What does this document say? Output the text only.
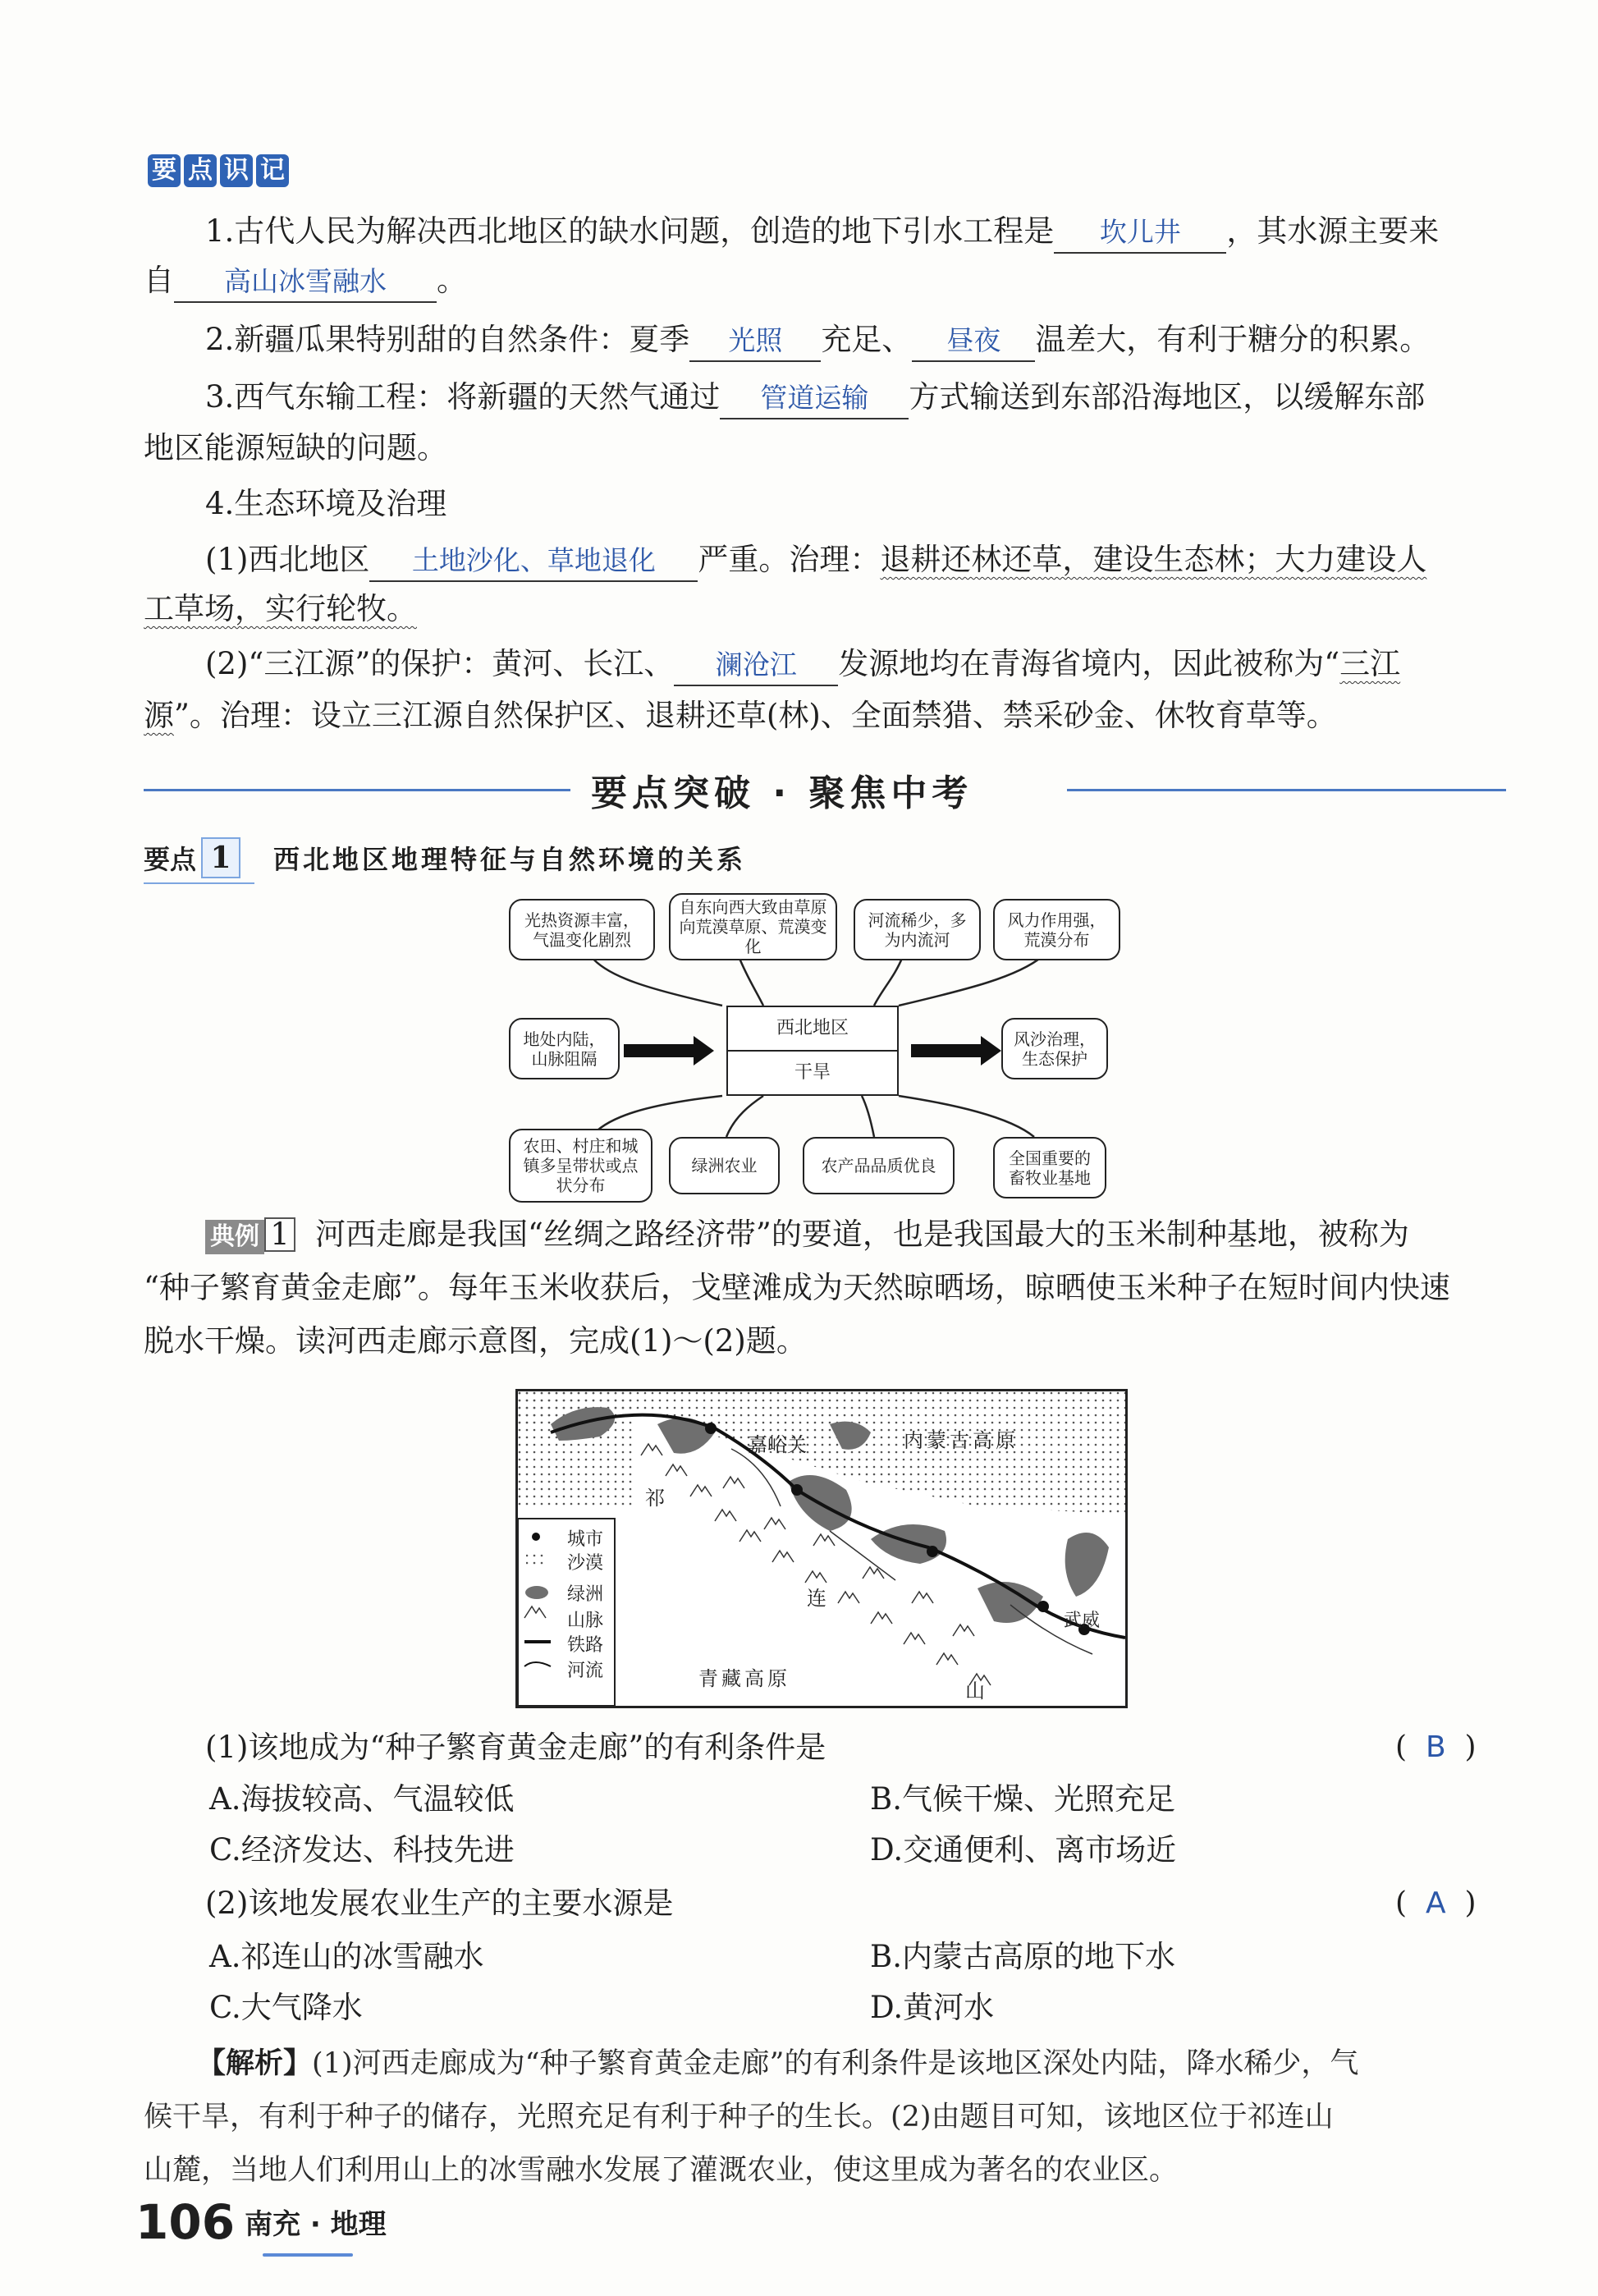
要 点 识 记
1.古代人民为解决西北地区的缺水问题，创造的地下引水工程是 坎儿井 ，其水源主要来
自 高山冰雪融水 。
2.新疆瓜果特别甜的自然条件：夏季 光照 充足、 昼夜 温差大，有利于糖分的积累。
3.西气东输工程：将新疆的天然气通过 管道运输 方式输送到东部沿海地区，以缓解东部
地区能源短缺的问题。
4.生态环境及治理
(1)西北地区 土地沙化、草地退化 严重。治理：退耕还林还草，建设生态林；大力建设人
工草场，实行轮牧。
(2)“三江源”的保护：黄河、长江、 澜沧江 发源地均在青海省境内，因此被称为“三江
源”。治理：设立三江源自然保护区、退耕还草(林)、全面禁猎、禁采砂金、休牧育草等。
要点突破 · 聚焦中考
要点 1	西北地区地理特征与自然环境的关系
光热资源丰富，气温变化剧烈
自东向西大致由草原向荒漠草原、荒漠变化
河流稀少，多为内流河
风力作用强，荒漠分布
地处内陆，山脉阻隔
西北地区
干旱
风沙治理，生态保护
农田、村庄和城镇多呈带状或点状分布
绿洲农业	农产品品质优良	全国重要的畜牧业基地
典例 1 河西走廊是我国“丝绸之路经济带”的要道，也是我国最大的玉米制种基地，被称为
“种子繁育黄金走廊”。每年玉米收获后，戈壁滩成为天然晾晒场，晾晒使玉米种子在短时间内快速
脱水干燥。读河西走廊示意图，完成(1)～(2)题。
嘉峪关	内蒙古高原
祁
连
山
武威
青藏高原
城市
沙漠
绿洲
山脉
铁路
河流
(1)该地成为“种子繁育黄金走廊”的有利条件是	(  B  )
A.海拔较高、气温较低	B.气候干燥、光照充足
C.经济发达、科技先进	D.交通便利、离市场近
(2)该地发展农业生产的主要水源是	(  A  )
A.祁连山的冰雪融水	B.内蒙古高原的地下水
C.大气降水	D.黄河水
【解析】(1)河西走廊成为“种子繁育黄金走廊”的有利条件是该地区深处内陆，降水稀少，气
候干旱，有利于种子的储存，光照充足有利于种子的生长。(2)由题目可知，该地区位于祁连山
山麓，当地人们利用山上的冰雪融水发展了灌溉农业，使这里成为著名的农业区。
106 南充 · 地理
